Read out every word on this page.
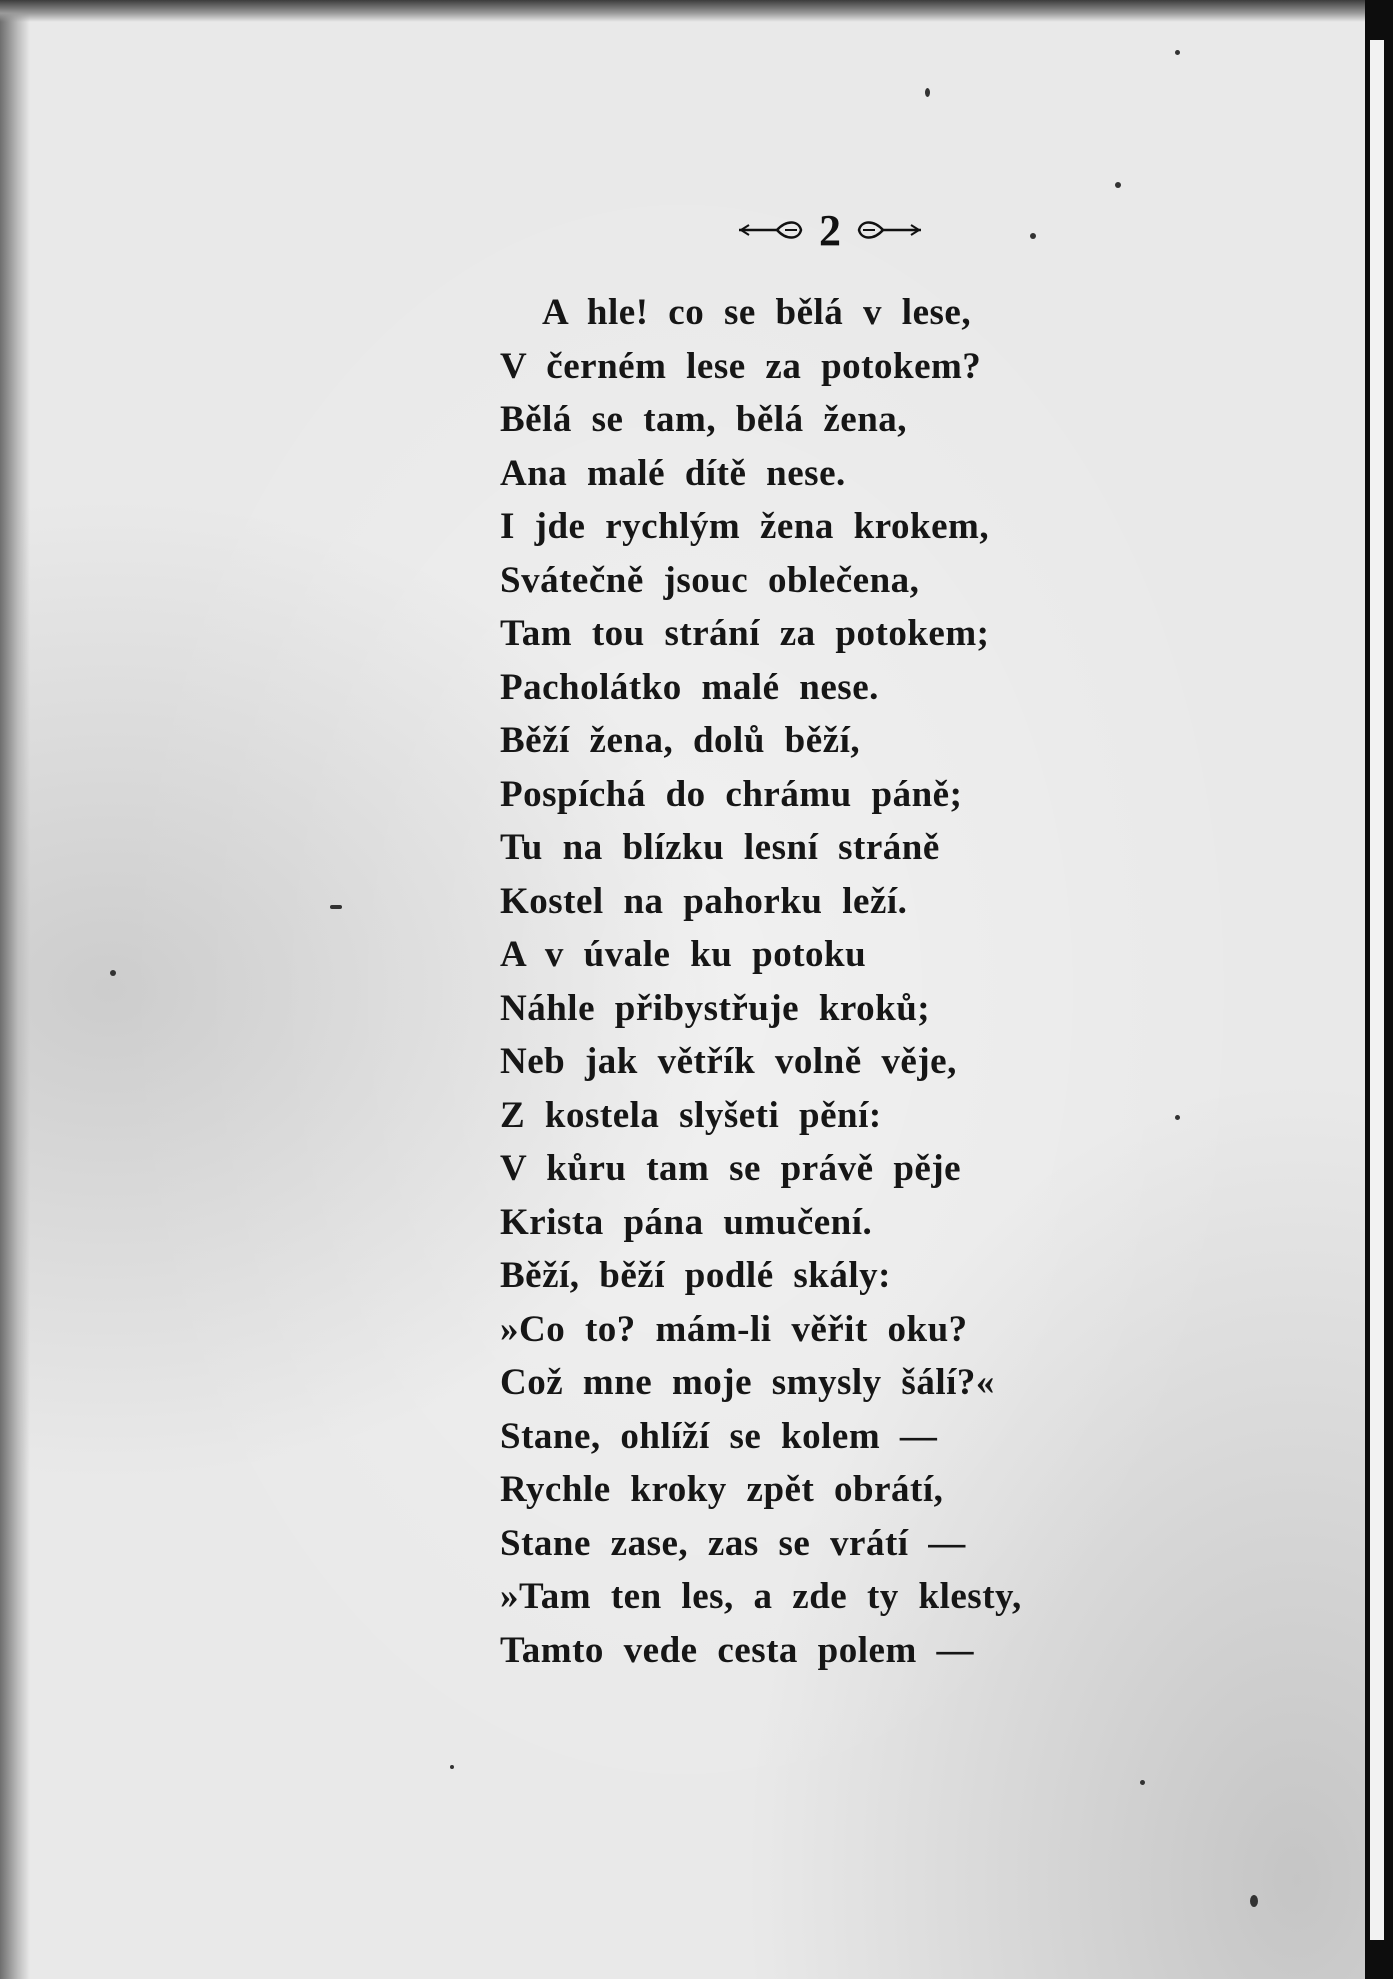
2
A hle! co se bělá v lese,
V černém lese za potokem?
Bělá se tam, bělá žena,
Ana malé dítě nese.
I jde rychlým žena krokem,
Svátečně jsouc oblečena,
Tam tou strání za potokem;
Pacholátko malé nese.
Běží žena, dolů běží,
Pospíchá do chrámu páně;
Tu na blízku lesní stráně
Kostel na pahorku leží.
A v úvale ku potoku
Náhle přibystřuje kroků;
Neb jak větřík volně věje,
Z kostela slyšeti pění:
V kůru tam se právě pěje
Krista pána umučení.
Běží, běží podlé skály:
»Co to? mám-li věřit oku?
Což mne moje smysly šálí?«
Stane, ohlíží se kolem —
Rychle kroky zpět obrátí,
Stane zase, zas se vrátí —
»Tam ten les, a zde ty klesty,
Tamto vede cesta polem —
